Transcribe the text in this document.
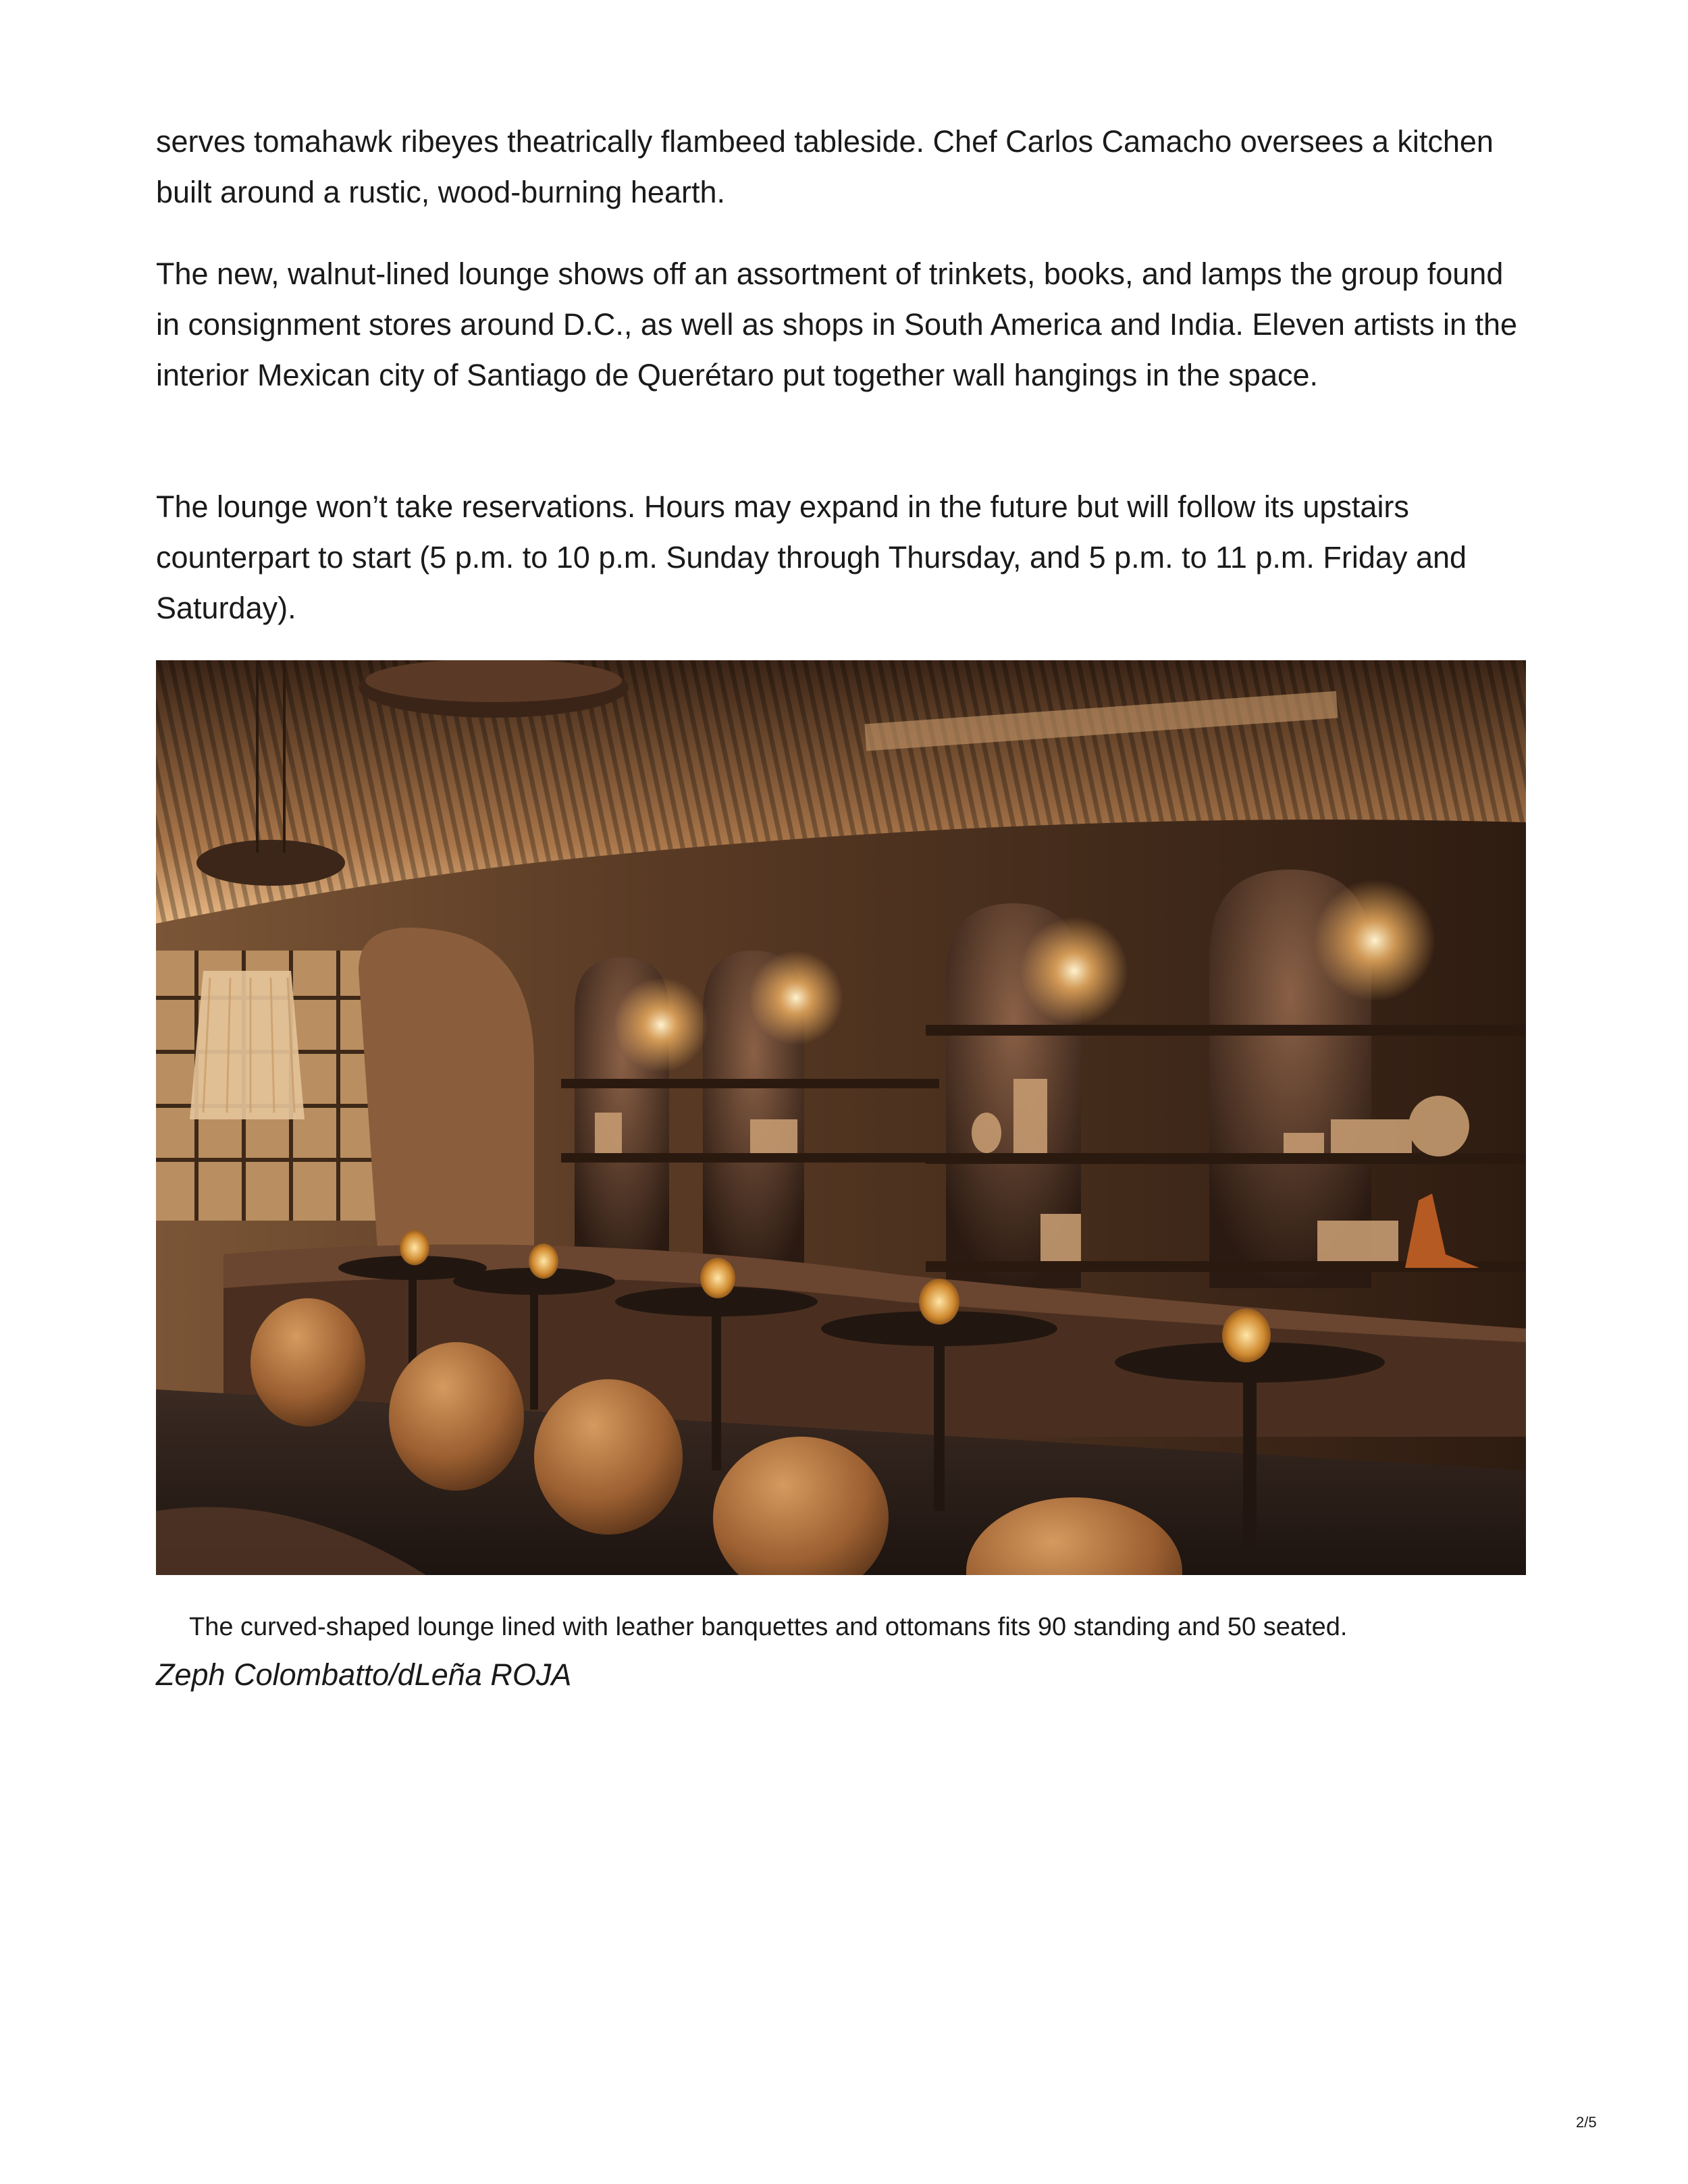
serves tomahawk ribeyes theatrically flambeed tableside. Chef Carlos Camacho oversees a kitchen built around a rustic, wood-burning hearth.

The new, walnut-lined lounge shows off an assortment of trinkets, books, and lamps the group found in consignment stores around D.C., as well as shops in South America and India. Eleven artists in the interior Mexican city of Santiago de Querétaro put together wall hangings in the space.

The lounge won’t take reservations. Hours may expand in the future but will follow its upstairs counterpart to start (5 p.m. to 10 p.m. Sunday through Thursday, and 5 p.m. to 11 p.m. Friday and Saturday).

The curved-shaped lounge lined with leather banquettes and ottomans fits 90 standing and 50 seated.

Zeph Colombatto/dLeña ROJA

2/5
